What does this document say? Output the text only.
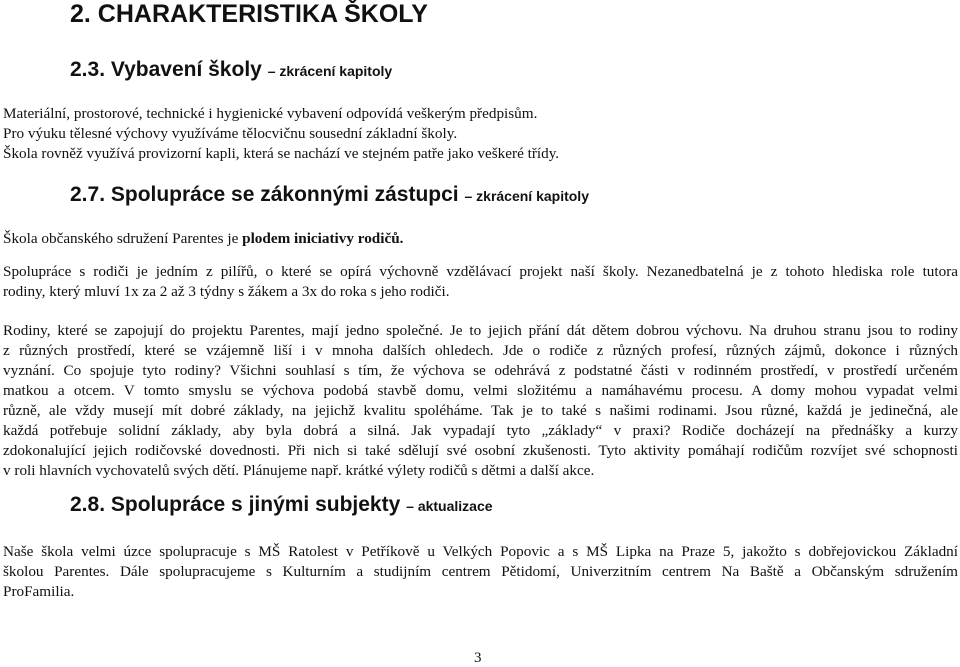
2. CHARAKTERISTIKA ŠKOLY
2.3. Vybavení školy – zkrácení kapitoly
Materiální, prostorové, technické i hygienické vybavení odpovídá veškerým předpisům.
Pro výuku tělesné výchovy využíváme tělocvičnu sousední základní školy.
Škola rovněž využívá provizorní kapli, která se nachází ve stejném patře jako veškeré třídy.
2.7. Spolupráce se zákonnými zástupci – zkrácení kapitoly
Škola občanského sdružení Parentes je plodem iniciativy rodičů.
Spolupráce s rodiči je jedním z pilířů, o které se opírá výchovně vzdělávací projekt naší školy. Nezanedbatelná je z tohoto hlediska role tutora
rodiny, který mluví 1x za 2 až 3 týdny s žákem a 3x do roka s jeho rodiči.
Rodiny, které se zapojují do projektu Parentes, mají jedno společné. Je to jejich přání dát dětem dobrou výchovu. Na druhou stranu jsou to rodiny
z různých prostředí, které se vzájemně liší i v mnoha dalších ohledech. Jde o rodiče z různých profesí, různých zájmů, dokonce i různých
vyznání. Co spojuje tyto rodiny? Všichni souhlasí s tím, že výchova se odehrává z podstatné části v rodinném prostředí, v prostředí určeném
matkou a otcem. V tomto smyslu se výchova podobá stavbě domu, velmi složitému a namáhavému procesu. A domy mohou vypadat velmi
různě, ale vždy musejí mít dobré základy, na jejichž kvalitu spoléháme. Tak je to také s našimi rodinami. Jsou různé, každá je jedinečná, ale
každá potřebuje solidní základy, aby byla dobrá a silná. Jak vypadají tyto „základy“ v praxi? Rodiče docházejí na přednášky a kurzy
zdokonalující jejich rodičovské dovednosti. Při nich si také sdělují své osobní zkušenosti. Tyto aktivity pomáhají rodičům rozvíjet své schopnosti
v roli hlavních vychovatelů svých dětí. Plánujeme např. krátké výlety rodičů s dětmi a další akce.
2.8. Spolupráce s jinými subjekty – aktualizace
Naše škola velmi úzce spolupracuje s MŠ Ratolest v Petříkově u Velkých Popovic a s MŠ Lipka na Praze 5, jakožto s dobřejovickou Základní
školou Parentes. Dále spolupracujeme s Kulturním a studijním centrem Pětidomí, Univerzitním centrem Na Baště a Občanským sdružením
ProFamilia.

3
